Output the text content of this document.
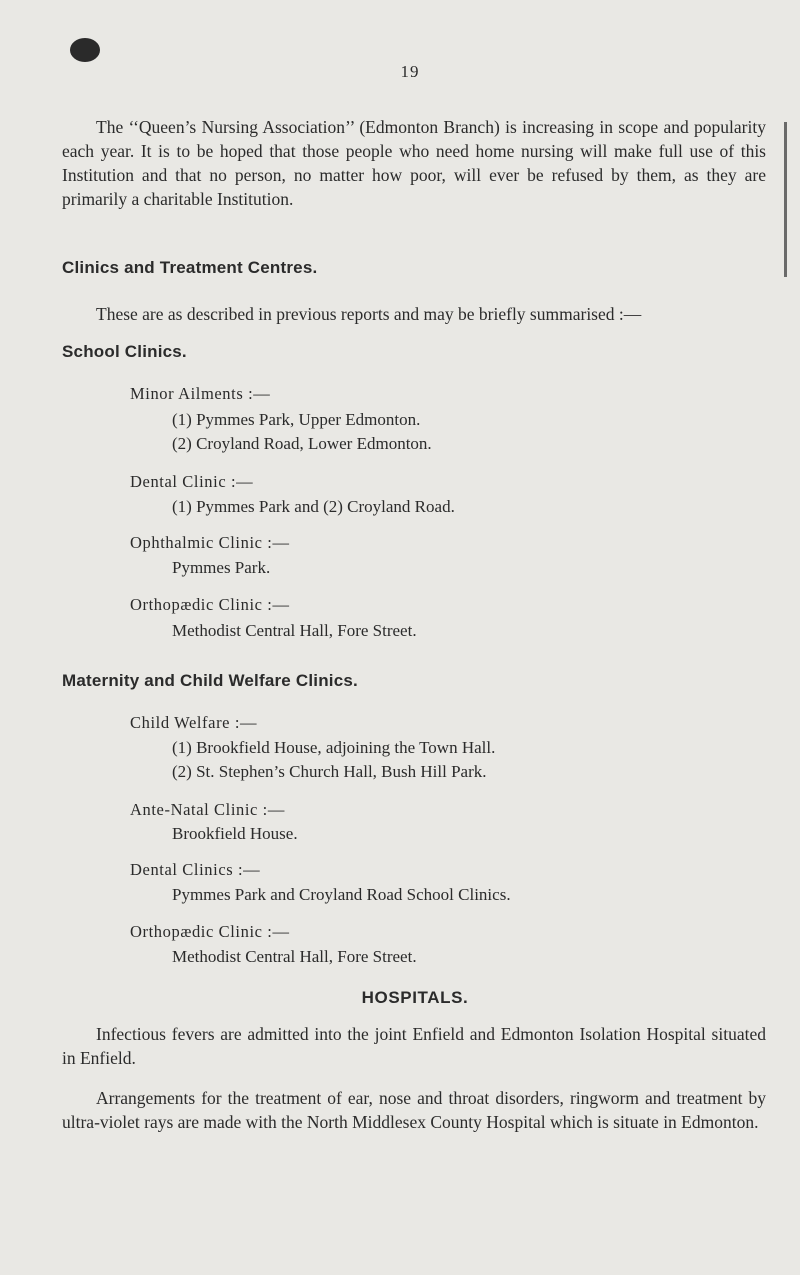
19
The ‘‘Queen’s Nursing Association’’ (Edmonton Branch) is increasing in scope and popularity each year. It is to be hoped that those people who need home nursing will make full use of this Institution and that no person, no matter how poor, will ever be refused by them, as they are primarily a charitable Institution.
Clinics and Treatment Centres.
These are as described in previous reports and may be briefly summarised :—
School Clinics.
Minor Ailments :—
(1) Pymmes Park, Upper Edmonton.
(2) Croyland Road, Lower Edmonton.
Dental Clinic :—
(1) Pymmes Park and (2) Croyland Road.
Ophthalmic Clinic :—
Pymmes Park.
Orthopædic Clinic :—
Methodist Central Hall, Fore Street.
Maternity and Child Welfare Clinics.
Child Welfare :—
(1) Brookfield House, adjoining the Town Hall.
(2) St. Stephen’s Church Hall, Bush Hill Park.
Ante-Natal Clinic :—
Brookfield House.
Dental Clinics :—
Pymmes Park and Croyland Road School Clinics.
Orthopædic Clinic :—
Methodist Central Hall, Fore Street.
HOSPITALS.
Infectious fevers are admitted into the joint Enfield and Edmonton Isolation Hospital situated in Enfield.
Arrangements for the treatment of ear, nose and throat disorders, ringworm and treatment by ultra-violet rays are made with the North Middlesex County Hospital which is situate in Edmonton.
